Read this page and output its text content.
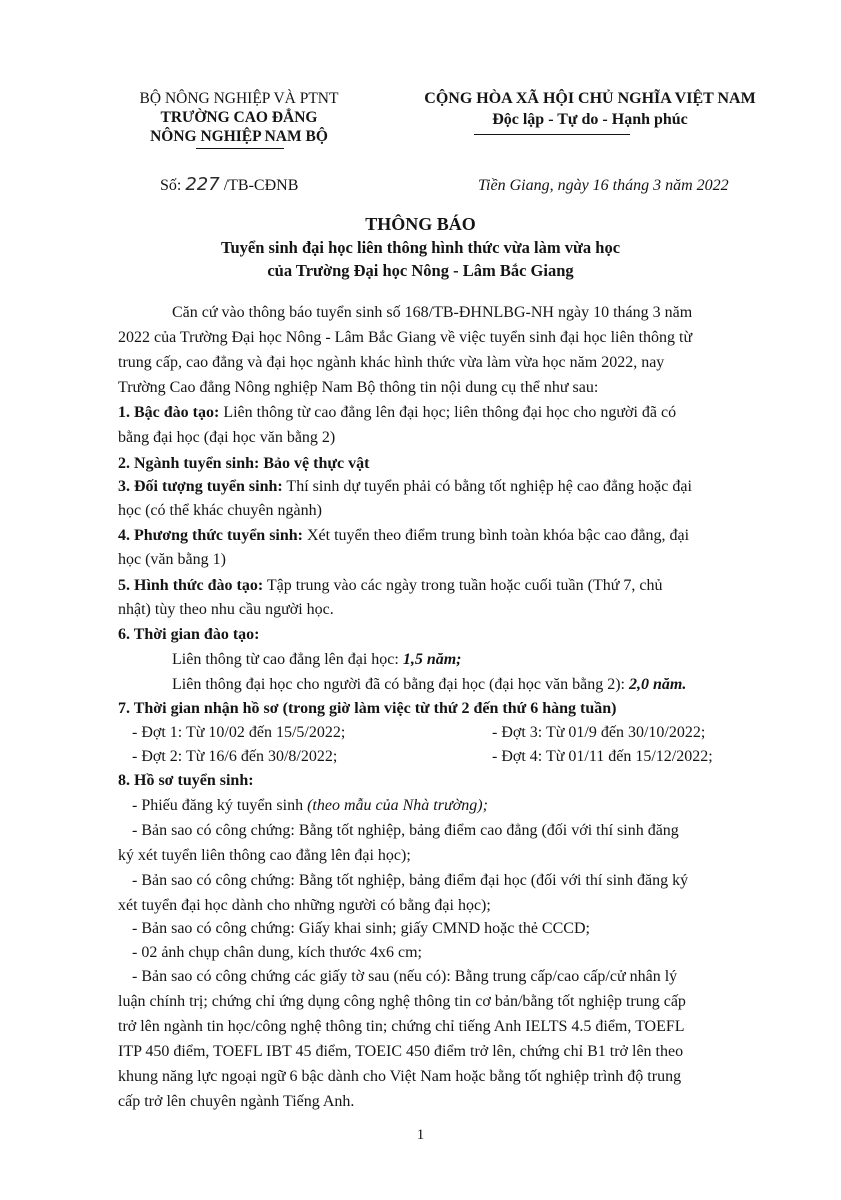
BỘ NÔNG NGHIỆP VÀ PTNT
TRƯỜNG CAO ĐẲNG
NÔNG NGHIỆP NAM BỘ
CỘNG HÒA XÃ HỘI CHỦ NGHĨA VIỆT NAM
Độc lập - Tự do - Hạnh phúc
Số: 227 /TB-CĐNB	Tiền Giang, ngày 16 tháng 3 năm 2022
THÔNG BÁO
Tuyển sinh đại học liên thông hình thức vừa làm vừa học
của Trường Đại học Nông - Lâm Bắc Giang
Căn cứ vào thông báo tuyển sinh số 168/TB-ĐHNLBG-NH ngày 10 tháng 3 năm
2022 của Trường Đại học Nông - Lâm Bắc Giang về việc tuyển sinh đại học liên thông từ
trung cấp, cao đẳng và đại học ngành khác hình thức vừa làm vừa học năm 2022, nay
Trường Cao đẳng Nông nghiệp Nam Bộ thông tin nội dung cụ thể như sau:
1. Bậc đào tạo: Liên thông từ cao đẳng lên đại học; liên thông đại học cho người đã có
bằng đại học (đại học văn bằng 2)
2. Ngành tuyển sinh: Bảo vệ thực vật
3. Đối tượng tuyển sinh: Thí sinh dự tuyển phải có bằng tốt nghiệp hệ cao đẳng hoặc đại
học (có thể khác chuyên ngành)
4. Phương thức tuyển sinh: Xét tuyển theo điểm trung bình toàn khóa bậc cao đẳng, đại
học (văn bằng 1)
5. Hình thức đào tạo: Tập trung vào các ngày trong tuần hoặc cuối tuần (Thứ 7, chủ
nhật) tùy theo nhu cầu người học.
6. Thời gian đào tạo:
Liên thông từ cao đẳng lên đại học: 1,5 năm;
Liên thông đại học cho người đã có bằng đại học (đại học văn bằng 2): 2,0 năm.
7. Thời gian nhận hồ sơ (trong giờ làm việc từ thứ 2 đến thứ 6 hàng tuần)
- Đợt 1: Từ 10/02 đến 15/5/2022;	- Đợt 3: Từ 01/9 đến 30/10/2022;
- Đợt 2: Từ 16/6 đến 30/8/2022;	- Đợt 4: Từ 01/11 đến 15/12/2022;
8. Hồ sơ tuyển sinh:
- Phiếu đăng ký tuyển sinh (theo mẫu của Nhà trường);
- Bản sao có công chứng: Bằng tốt nghiệp, bảng điểm cao đẳng (đối với thí sinh đăng
ký xét tuyển liên thông cao đẳng lên đại học);
- Bản sao có công chứng: Bằng tốt nghiệp, bảng điểm đại học (đối với thí sinh đăng ký
xét tuyển đại học dành cho những người có bằng đại học);
- Bản sao có công chứng: Giấy khai sinh; giấy CMND hoặc thẻ CCCD;
- 02 ảnh chụp chân dung, kích thước 4x6 cm;
- Bản sao có công chứng các giấy tờ sau (nếu có): Bằng trung cấp/cao cấp/cử nhân lý
luận chính trị; chứng chỉ ứng dụng công nghệ thông tin cơ bản/bằng tốt nghiệp trung cấp
trở lên ngành tin học/công nghệ thông tin; chứng chỉ tiếng Anh IELTS 4.5 điểm, TOEFL
ITP 450 điểm, TOEFL IBT 45 điểm, TOEIC 450 điểm trở lên, chứng chỉ B1 trở lên theo
khung năng lực ngoại ngữ 6 bậc dành cho Việt Nam hoặc bằng tốt nghiệp trình độ trung
cấp trở lên chuyên ngành Tiếng Anh.
1
